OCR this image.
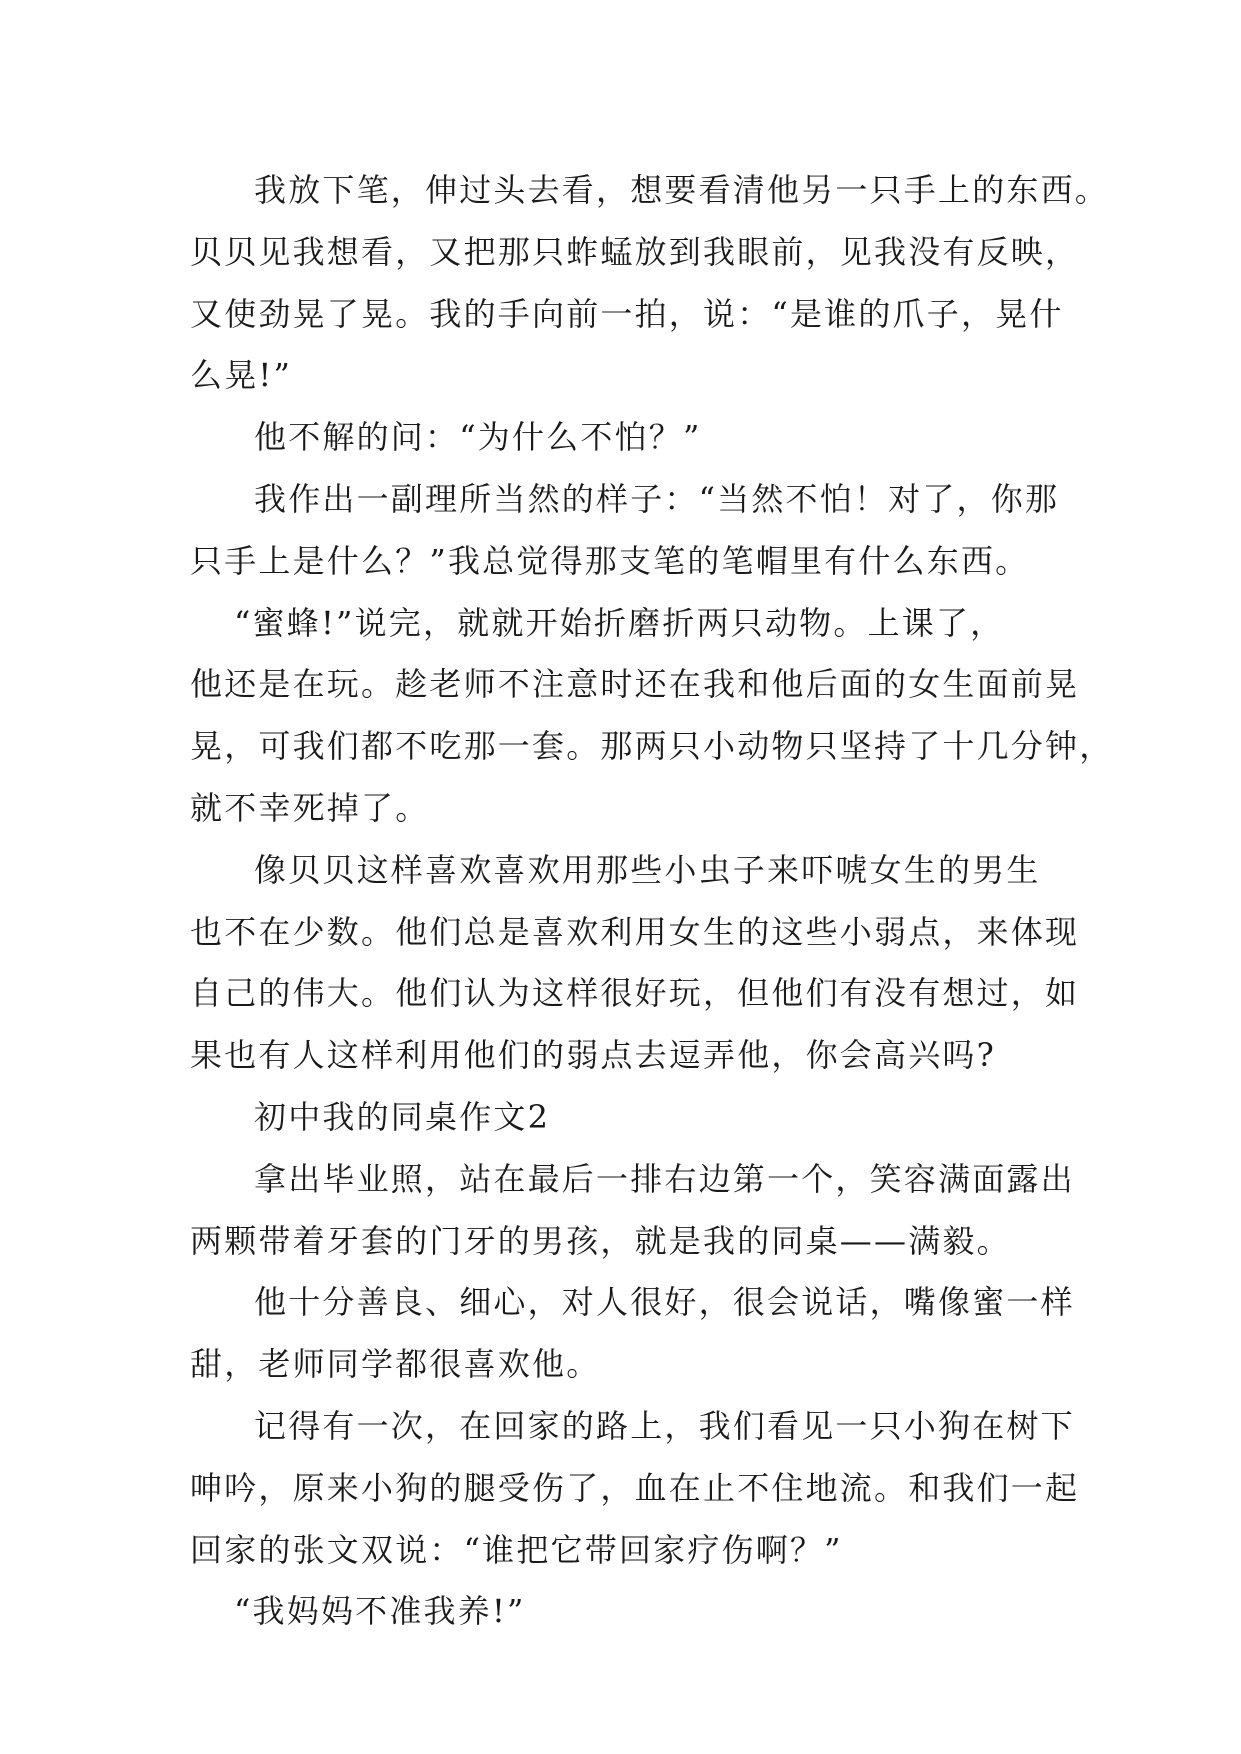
我放下笔，伸过头去看，想要看清他另一只手上的东西。
贝贝见我想看，又把那只蚱蜢放到我眼前，见我没有反映，
又使劲晃了晃。我的手向前一拍，说：“是谁的爪子，晃什
么晃!”
他不解的问：“为什么不怕？”
我作出一副理所当然的样子：“当然不怕！对了，你那
只手上是什么？”我总觉得那支笔的笔帽里有什么东西。
“蜜蜂!”说完，就就开始折磨折两只动物。上课了，
他还是在玩。趁老师不注意时还在我和他后面的女生面前晃
晃，可我们都不吃那一套。那两只小动物只坚持了十几分钟，
就不幸死掉了。
像贝贝这样喜欢喜欢用那些小虫子来吓唬女生的男生
也不在少数。他们总是喜欢利用女生的这些小弱点，来体现
自己的伟大。他们认为这样很好玩，但他们有没有想过，如
果也有人这样利用他们的弱点去逗弄他，你会高兴吗?
初中我的同桌作文2
拿出毕业照，站在最后一排右边第一个，笑容满面露出
两颗带着牙套的门牙的男孩，就是我的同桌——满毅。
他十分善良、细心，对人很好，很会说话，嘴像蜜一样
甜，老师同学都很喜欢他。
记得有一次，在回家的路上，我们看见一只小狗在树下
呻吟，原来小狗的腿受伤了，血在止不住地流。和我们一起
回家的张文双说：“谁把它带回家疗伤啊？”
“我妈妈不准我养!”
